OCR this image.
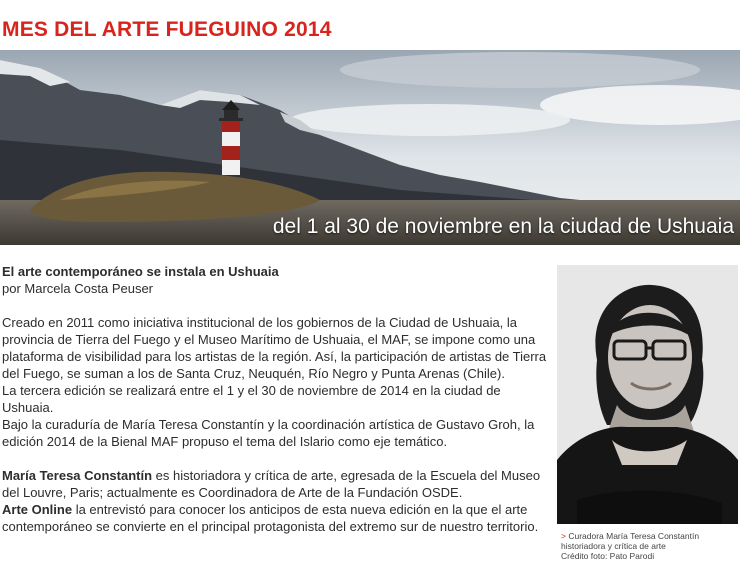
MES DEL ARTE FUEGUINO 2014
del 1 al 30 de noviembre en la ciudad de Ushuaia

El arte contemporáneo se instala en Ushuaia

por Marcela Costa Peuser

Creado en 2011 como iniciativa institucional de los gobiernos de la Ciudad de Ushuaia, la provincia de Tierra del Fuego y el Museo Marítimo de Ushuaia, el MAF, se impone como una plataforma de visibilidad para los artistas de la región. Así, la participación de artistas de Tierra del Fuego, se suman a los de Santa Cruz, Neuquén, Río Negro y Punta Arenas (Chile).

La tercera edición se realizará entre el 1 y el 30 de noviembre de 2014 en la ciudad de Ushuaia.

Bajo la curaduría de María Teresa Constantín y la coordinación artística de Gustavo Groh, la edición 2014 de la Bienal MAF propuso el tema del Islario como eje temático.

María Teresa Constantín es historiadora y crítica de arte, egresada de la Escuela del Museo del Louvre, Paris; actualmente es Coordinadora de Arte de la Fundación OSDE.

Arte Online la entrevistó para conocer los anticipos de esta nueva edición en la que el arte contemporáneo se convierte en el principal protagonista del extremo sur de nuestro territorio.

> Curadora María Teresa Constantín
historiadora y crítica de arte
Crédito foto: Pato Parodi
